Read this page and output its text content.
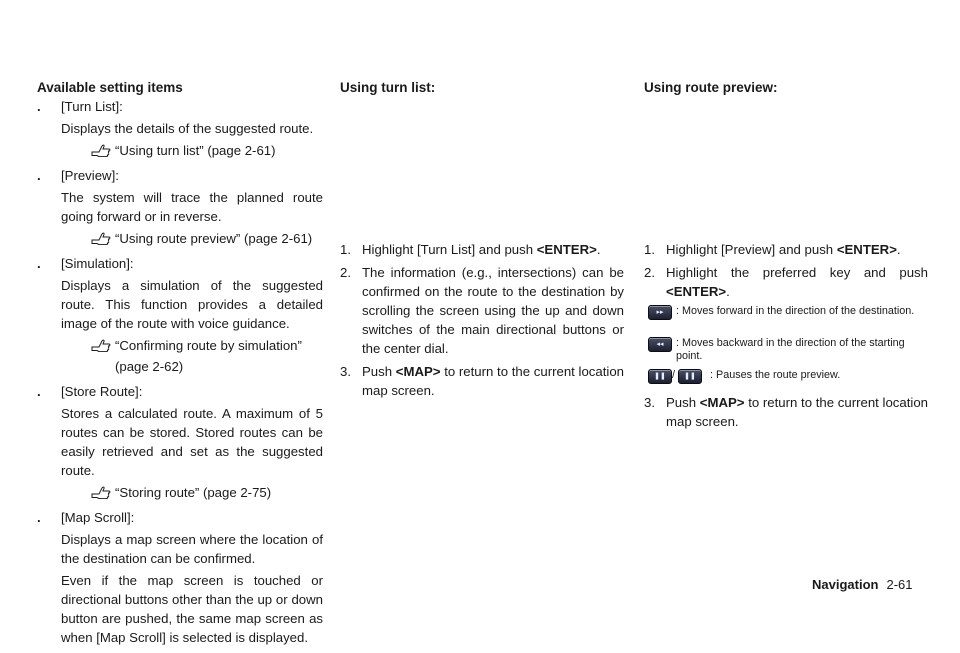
Available setting items
. [Turn List]:

Displays the details of the suggested route.

“Using turn list” (page 2-61)
. [Preview]:

The system will trace the planned route going forward or in reverse.

“Using route preview” (page 2-61)
. [Simulation]:

Displays a simulation of the suggested route. This function provides a detailed image of the route with voice guidance.

“Confirming route by simulation”
(page 2-62)
. [Store Route]:

Stores a calculated route. A maximum of 5 routes can be stored. Stored routes can be easily retrieved and set as the suggested route.

“Storing route” (page 2-75)
. [Map Scroll]:

Displays a map screen where the location of the destination can be confirmed.

Even if the map screen is touched or directional buttons other than the up or down button are pushed, the same map screen as when [Map Scroll] is selected is displayed.

Using turn list:
1. Highlight [Turn List] and push <ENTER>.
2. The information (e.g., intersections) can be confirmed on the route to the destination by scrolling the screen using the up and down switches of the main directional buttons or the center dial.
3. Push <MAP> to return to the current location map screen.
Using route preview:
1. Highlight [Preview] and push <ENTER>.
2. Highlight the preferred key and push <ENTER>.
▸▸	: Moves forward in the direction of the destination.
◂◂	: Moves backward in the direction of the starting point.
❚❚ /	❚❚	: Pauses the route preview.
3. Push <MAP> to return to the current location map screen.
Navigation 2-61
